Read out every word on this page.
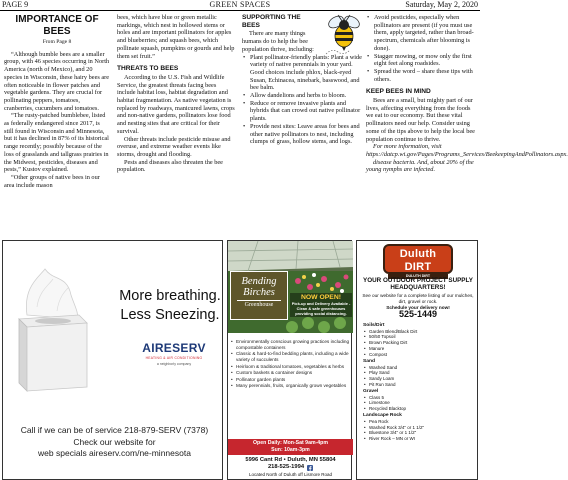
PAGE 9	GREEN SPACES	Saturday, May 2, 2020
IMPORTANCE OF BEES
From Page 8

“Although bumble bees are a smaller group, with 46 species occurring in North America (north of Mexico), and 20 species in Wisconsin, these hairy bees are often noticeable in flower patches and vegetable gardens. They are crucial for pollinating peppers, tomatoes, cranberries, cucumbers and tomatoes.

“The rusty-patched bumblebee, listed as federally endangered since 2017, is still found in Wisconsin and Minnesota, but it has declined in 87% of its historical range recently; possibly because of the loss of grasslands and tallgrass prairies in the Midwest, pesticides, diseases and pests,” Kustov explained.

“Other groups of native bees in our area include mason

bees, which have blue or green metallic markings, which nest in hollowed stems or holes and are important pollinators for apples and blueberries; and squash bees, which pollinate squash, pumpkins or gourds and help them set fruit.”

THREATS TO BEES

According to the U.S. Fish and Wildlife Service, the greatest threats facing bees include habitat loss, habitat degradation and habitat fragmentation. As native vegetation is replaced by roadways, manicured lawns, crops and non-native gardens, pollinators lose food and nesting sites that are critical for their survival.

Other threats include pesticide misuse and overuse, and extreme weather events like storms, drought and flooding.

Pests and diseases also threaten the bee population.

SUPPORTING THE BEES

There are many things humans do to help the bee population thrive, including:

• Plant pollinator-friendly plants: Plant a wide variety of native perennials in your yard. Good choices include phlox, black-eyed Susan, Echinacea, ninebark, basswood, and bee balm.
• Allow dandelions and herbs to bloom.
• Reduce or remove invasive plants and hybrids that can crowd out native pollinator plants.
• Provide nest sites: Leave areas for bees and other native pollinators to nest, including clumps of grass, hollow stems, and logs.
• Avoid pesticides, especially when pollinators are present (if you must use them, apply targeted, rather than broad-spectrum, chemicals after blooming is done).
• Stagger mowing, or mow only the first eight feet along roadsides.
• Spread the word – share these tips with others.
KEEP BEES IN MIND

Bees are a small, but mighty part of our lives, affecting everything from the foods we eat to our economy. But these vital pollinators need our help. Consider using some of the tips above to help the local bee population continue to thrive.

For more information, visit https://datcp.wi.gov/Pages/Programs_Services/BeekeepingAndPollinators.aspx.

disease bacteria. And, about 20% of the young nymphs are infected.

More breathing.
Less Sneezing.
AIRESERV
HEATING & AIR CONDITIONING
a neighborly company
Call if we can be of service 218-879-SERV (7378)
Check our website for
web specials aireserv.com/ne-minnesota
Bending
Birches
Greenhouse
NOW OPEN!
Pick-up and Delivery Available -
Clean & safe greenhouses providing social distancing.
• Environmentally conscious growing practices including compostable containers
• Classic & hard-to-find bedding plants, including a wide variety of succulents
• Heirloom & traditional tomatoes, vegetables & herbs
• Custom baskets & container designs
• Pollinator garden plants
• Many perennials, fruits, organically grown vegetables
Open Daily: Mon-Sat 9am-4pm
Sun: 10am-3pm
5996 Cant Rd • Duluth, MN 55804
218-525-1994
Located North of Duluth off Lismore Road
Duluth DIRT
DULUTH DIRT
YOUR OUTDOOR PROJECT SUPPLY HEADQUARTERS!
See our website for a complete listing of our mulches, dirt, gravel or rock.
Schedule your delivery now!
525-1449
Soils/Dirt
• Garden Blend/Black Dirt
• 50/50 Topsoil
• Brown Packing Dirt
• Manure
• Compost
Sand
• Washed Sand
• Play Sand
• Sandy Loam
• Pit Run Sand
Gravel
• Class 5
• Limestone
• Recycled Blacktop
Landscape Rock
• Pea Rock
• Washed Rock 3/4" or 1 1/2"
• Bluestone 3/4" or 1 1/2"
• River Rock – MN or WI
